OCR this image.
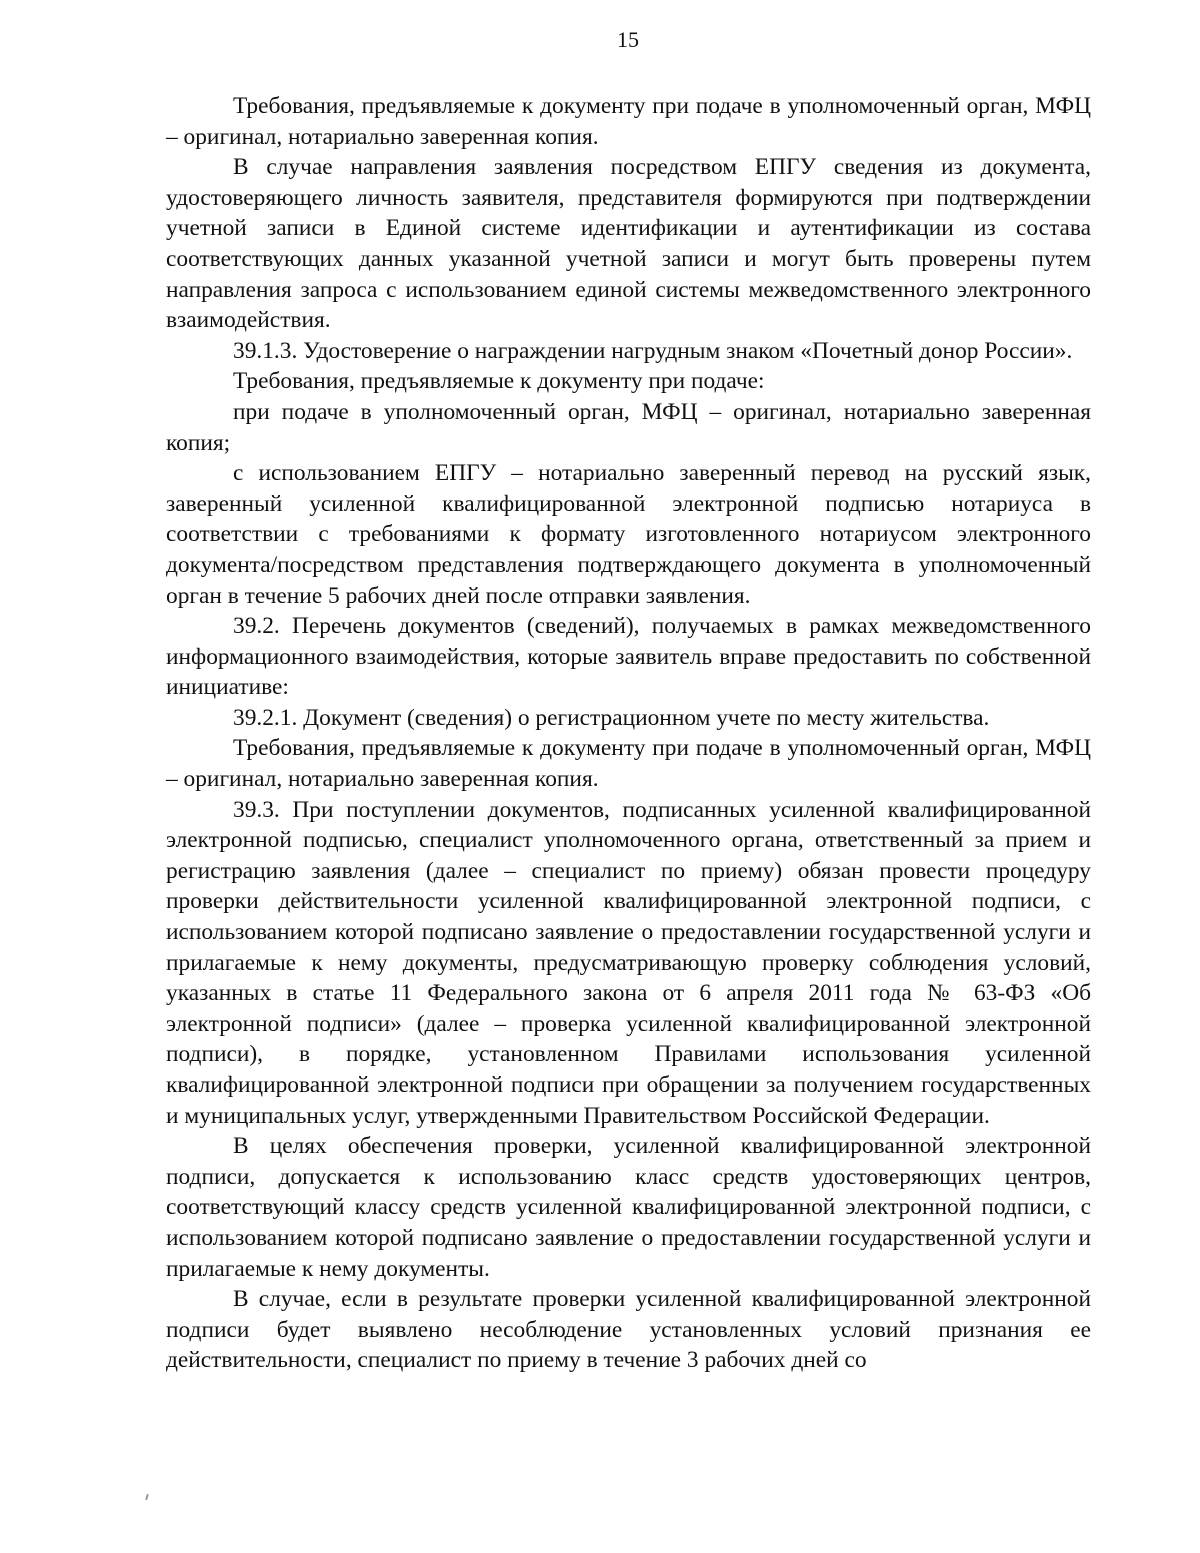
15

Требования, предъявляемые к документу при подаче в уполномоченный орган, МФЦ – оригинал, нотариально заверенная копия.

В случае направления заявления посредством ЕПГУ сведения из документа, удостоверяющего личность заявителя, представителя формируются при подтверждении учетной записи в Единой системе идентификации и аутентификации из состава соответствующих данных указанной учетной записи и могут быть проверены путем направления запроса с использованием единой системы межведомственного электронного взаимодействия.

39.1.3. Удостоверение о награждении нагрудным знаком «Почетный донор России».

Требования, предъявляемые к документу при подаче:

при подаче в уполномоченный орган, МФЦ – оригинал, нотариально заверенная копия;

с использованием ЕПГУ – нотариально заверенный перевод на русский язык, заверенный усиленной квалифицированной электронной подписью нотариуса в соответствии с требованиями к формату изготовленного нотариусом электронного документа/посредством представления подтверждающего документа в уполномоченный орган в течение 5 рабочих дней после отправки заявления.

39.2. Перечень документов (сведений), получаемых в рамках межведомственного информационного взаимодействия, которые заявитель вправе предоставить по собственной инициативе:

39.2.1. Документ (сведения) о регистрационном учете по месту жительства.

Требования, предъявляемые к документу при подаче в уполномоченный орган, МФЦ – оригинал, нотариально заверенная копия.

39.3. При поступлении документов, подписанных усиленной квалифицированной электронной подписью, специалист уполномоченного органа, ответственный за прием и регистрацию заявления (далее – специалист по приему) обязан провести процедуру проверки действительности усиленной квалифицированной электронной подписи, с использованием которой подписано заявление о предоставлении государственной услуги и прилагаемые к нему документы, предусматривающую проверку соблюдения условий, указанных в статье 11 Федерального закона от 6 апреля 2011 года № 63-ФЗ «Об электронной подписи» (далее – проверка усиленной квалифицированной электронной подписи), в порядке, установленном Правилами использования усиленной квалифицированной электронной подписи при обращении за получением государственных и муниципальных услуг, утвержденными Правительством Российской Федерации.

В целях обеспечения проверки, усиленной квалифицированной электронной подписи, допускается к использованию класс средств удостоверяющих центров, соответствующий классу средств усиленной квалифицированной электронной подписи, с использованием которой подписано заявление о предоставлении государственной услуги и прилагаемые к нему документы.

В случае, если в результате проверки усиленной квалифицированной электронной подписи будет выявлено несоблюдение установленных условий признания ее действительности, специалист по приему в течение 3 рабочих дней со
